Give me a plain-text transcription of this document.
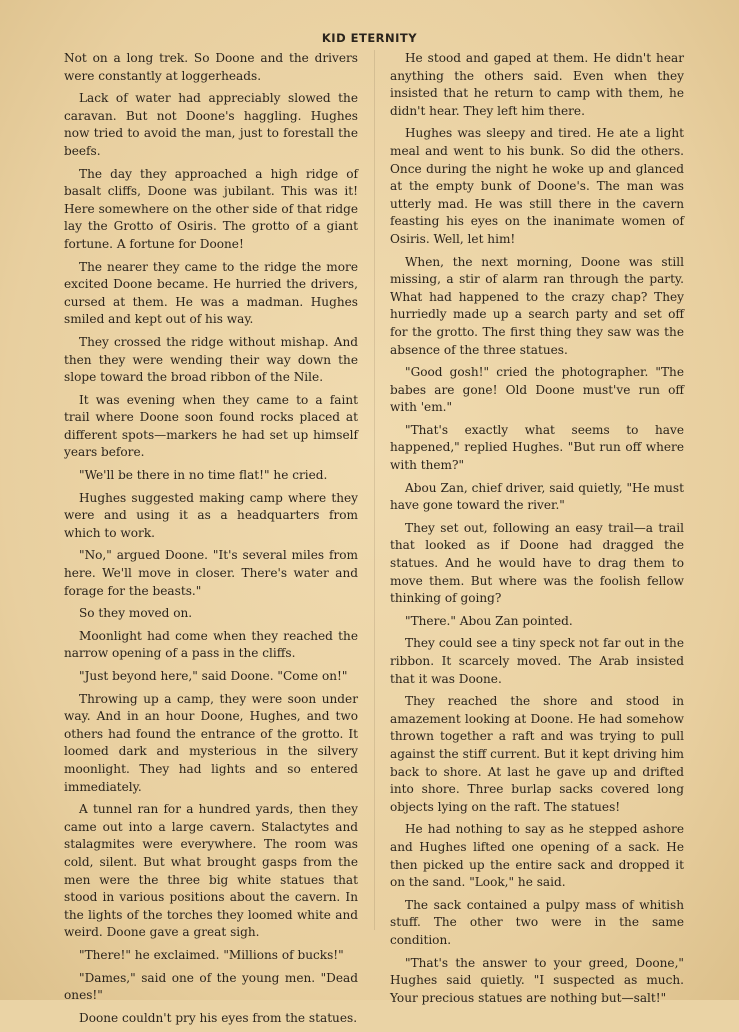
KID ETERNITY

Not on a long trek. So Doone and the drivers were constantly at loggerheads.

Lack of water had appreciably slowed the caravan. But not Doone's haggling. Hughes now tried to avoid the man, just to forestall the beefs.

The day they approached a high ridge of basalt cliffs, Doone was jubilant. This was it! Here somewhere on the other side of that ridge lay the Grotto of Osiris. The grotto of a giant fortune. A fortune for Doone!

The nearer they came to the ridge the more excited Doone became. He hurried the drivers, cursed at them. He was a madman. Hughes smiled and kept out of his way.

They crossed the ridge without mishap. And then they were wending their way down the slope toward the broad ribbon of the Nile.

It was evening when they came to a faint trail where Doone soon found rocks placed at different spots—markers he had set up himself years before.

"We'll be there in no time flat!" he cried.

Hughes suggested making camp where they were and using it as a headquarters from which to work.

"No," argued Doone. "It's several miles from here. We'll move in closer. There's water and forage for the beasts."

So they moved on.

Moonlight had come when they reached the narrow opening of a pass in the cliffs.

"Just beyond here," said Doone. "Come on!"

Throwing up a camp, they were soon under way. And in an hour Doone, Hughes, and two others had found the entrance of the grotto. It loomed dark and mysterious in the silvery moonlight. They had lights and so entered immediately.

A tunnel ran for a hundred yards, then they came out into a large cavern. Stalactytes and stalagmites were everywhere. The room was cold, silent. But what brought gasps from the men were the three big white statues that stood in various positions about the cavern. In the lights of the torches they loomed white and weird. Doone gave a great sigh.

"There!" he exclaimed. "Millions of bucks!"

"Dames," said one of the young men. "Dead ones!"

Doone couldn't pry his eyes from the statues.

He stood and gaped at them. He didn't hear anything the others said. Even when they insisted that he return to camp with them, he didn't hear. They left him there.

Hughes was sleepy and tired. He ate a light meal and went to his bunk. So did the others. Once during the night he woke up and glanced at the empty bunk of Doone's. The man was utterly mad. He was still there in the cavern feasting his eyes on the inanimate women of Osiris. Well, let him!

When, the next morning, Doone was still missing, a stir of alarm ran through the party. What had happened to the crazy chap? They hurriedly made up a search party and set off for the grotto. The first thing they saw was the absence of the three statues.

"Good gosh!" cried the photographer. "The babes are gone! Old Doone must've run off with 'em."

"That's exactly what seems to have happened," replied Hughes. "But run off where with them?"

Abou Zan, chief driver, said quietly, "He must have gone toward the river."

They set out, following an easy trail—a trail that looked as if Doone had dragged the statues. And he would have to drag them to move them. But where was the foolish fellow thinking of going?

"There." Abou Zan pointed.

They could see a tiny speck not far out in the ribbon. It scarcely moved. The Arab insisted that it was Doone.

They reached the shore and stood in amazement looking at Doone. He had somehow thrown together a raft and was trying to pull against the stiff current. But it kept driving him back to shore. At last he gave up and drifted into shore. Three burlap sacks covered long objects lying on the raft. The statues!

He had nothing to say as he stepped ashore and Hughes lifted one opening of a sack. He then picked up the entire sack and dropped it on the sand. "Look," he said.

The sack contained a pulpy mass of whitish stuff. The other two were in the same condition.

"That's the answer to your greed, Doone," Hughes said quietly. "I suspected as much. Your precious statues are nothing but—salt!"
